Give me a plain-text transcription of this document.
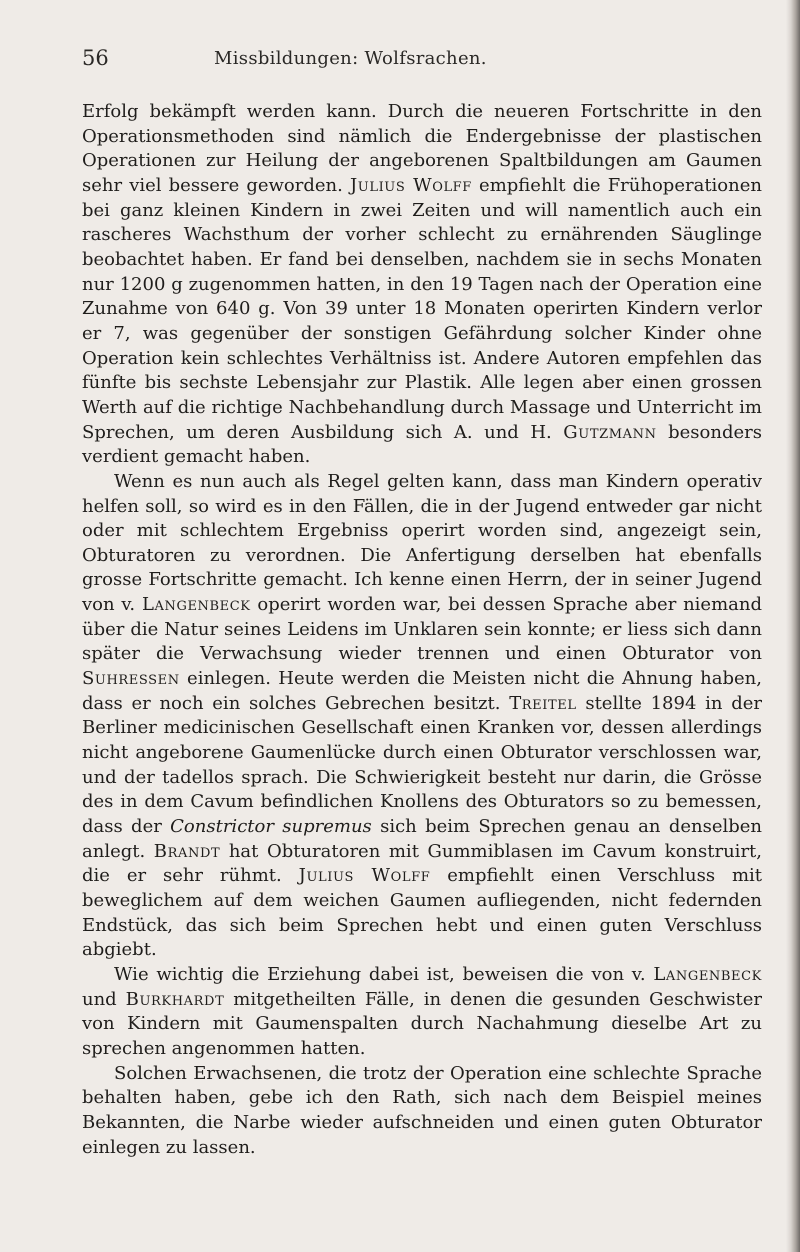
56	Missbildungen: Wolfsrachen.

Erfolg bekämpft werden kann. Durch die neueren Fortschritte in den Operationsmethoden sind nämlich die Endergebnisse der plastischen Operationen zur Heilung der angeborenen Spaltbildungen am Gaumen sehr viel bessere geworden. Julius Wolff empfiehlt die Frühoperationen bei ganz kleinen Kindern in zwei Zeiten und will namentlich auch ein rascheres Wachsthum der vorher schlecht zu ernährenden Säuglinge beobachtet haben. Er fand bei denselben, nachdem sie in sechs Monaten nur 1200 g zugenommen hatten, in den 19 Tagen nach der Operation eine Zunahme von 640 g. Von 39 unter 18 Monaten operirten Kindern verlor er 7, was gegenüber der sonstigen Gefährdung solcher Kinder ohne Operation kein schlechtes Verhältniss ist. Andere Autoren empfehlen das fünfte bis sechste Lebensjahr zur Plastik. Alle legen aber einen grossen Werth auf die richtige Nachbehandlung durch Massage und Unterricht im Sprechen, um deren Ausbildung sich A. und H. Gutzmann besonders verdient gemacht haben.

Wenn es nun auch als Regel gelten kann, dass man Kindern operativ helfen soll, so wird es in den Fällen, die in der Jugend entweder gar nicht oder mit schlechtem Ergebniss operirt worden sind, angezeigt sein, Obturatoren zu verordnen. Die Anfertigung derselben hat ebenfalls grosse Fortschritte gemacht. Ich kenne einen Herrn, der in seiner Jugend von v. Langenbeck operirt worden war, bei dessen Sprache aber niemand über die Natur seines Leidens im Unklaren sein konnte; er liess sich dann später die Verwachsung wieder trennen und einen Obturator von Suhressen einlegen. Heute werden die Meisten nicht die Ahnung haben, dass er noch ein solches Gebrechen besitzt. Treitel stellte 1894 in der Berliner medicinischen Gesellschaft einen Kranken vor, dessen allerdings nicht angeborene Gaumenlücke durch einen Obturator verschlossen war, und der tadellos sprach. Die Schwierigkeit besteht nur darin, die Grösse des in dem Cavum befindlichen Knollens des Obturators so zu bemessen, dass der Constrictor supremus sich beim Sprechen genau an denselben anlegt. Brandt hat Obturatoren mit Gummiblasen im Cavum konstruirt, die er sehr rühmt. Julius Wolff empfiehlt einen Verschluss mit beweglichem auf dem weichen Gaumen aufliegenden, nicht federnden Endstück, das sich beim Sprechen hebt und einen guten Verschluss abgiebt.

Wie wichtig die Erziehung dabei ist, beweisen die von v. Langenbeck und Burkhardt mitgetheilten Fälle, in denen die gesunden Geschwister von Kindern mit Gaumenspalten durch Nachahmung dieselbe Art zu sprechen angenommen hatten.

Solchen Erwachsenen, die trotz der Operation eine schlechte Sprache behalten haben, gebe ich den Rath, sich nach dem Beispiel meines Bekannten, die Narbe wieder aufschneiden und einen guten Obturator einlegen zu lassen.
